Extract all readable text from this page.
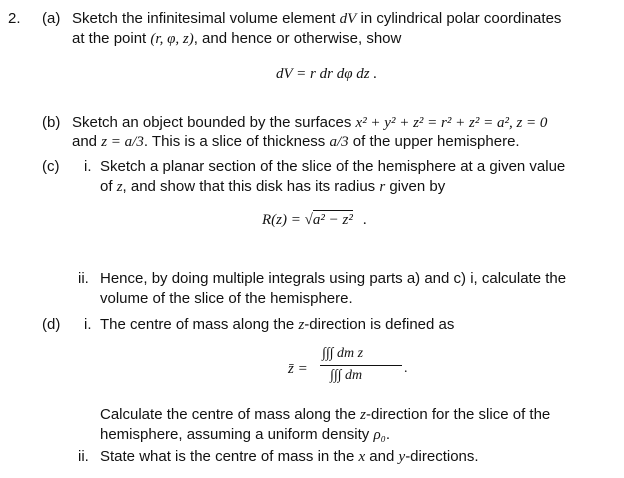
2. (a) Sketch the infinitesimal volume element dV in cylindrical polar coordinates
at the point (r, φ, z), and hence or otherwise, show
dV = r dr dφ dz .
(b) Sketch an object bounded by the surfaces x² + y² + z² = r² + z² = a², z = 0
and z = a/3. This is a slice of thickness a/3 of the upper hemisphere.
(c) i. Sketch a planar section of the slice of the hemisphere at a given value
of z, and show that this disk has its radius r given by
R(z) = √a² − z² .
ii. Hence, by doing multiple integrals using parts a) and c) i, calculate the
volume of the slice of the hemisphere.
(d) i. The centre of mass along the z-direction is defined as
z̄ =
∫∫∫ dm z
∫∫∫ dm	.
Calculate the centre of mass along the z-direction for the slice of the
hemisphere, assuming a uniform density ρ₀.
ii. State what is the centre of mass in the x and y-directions.
